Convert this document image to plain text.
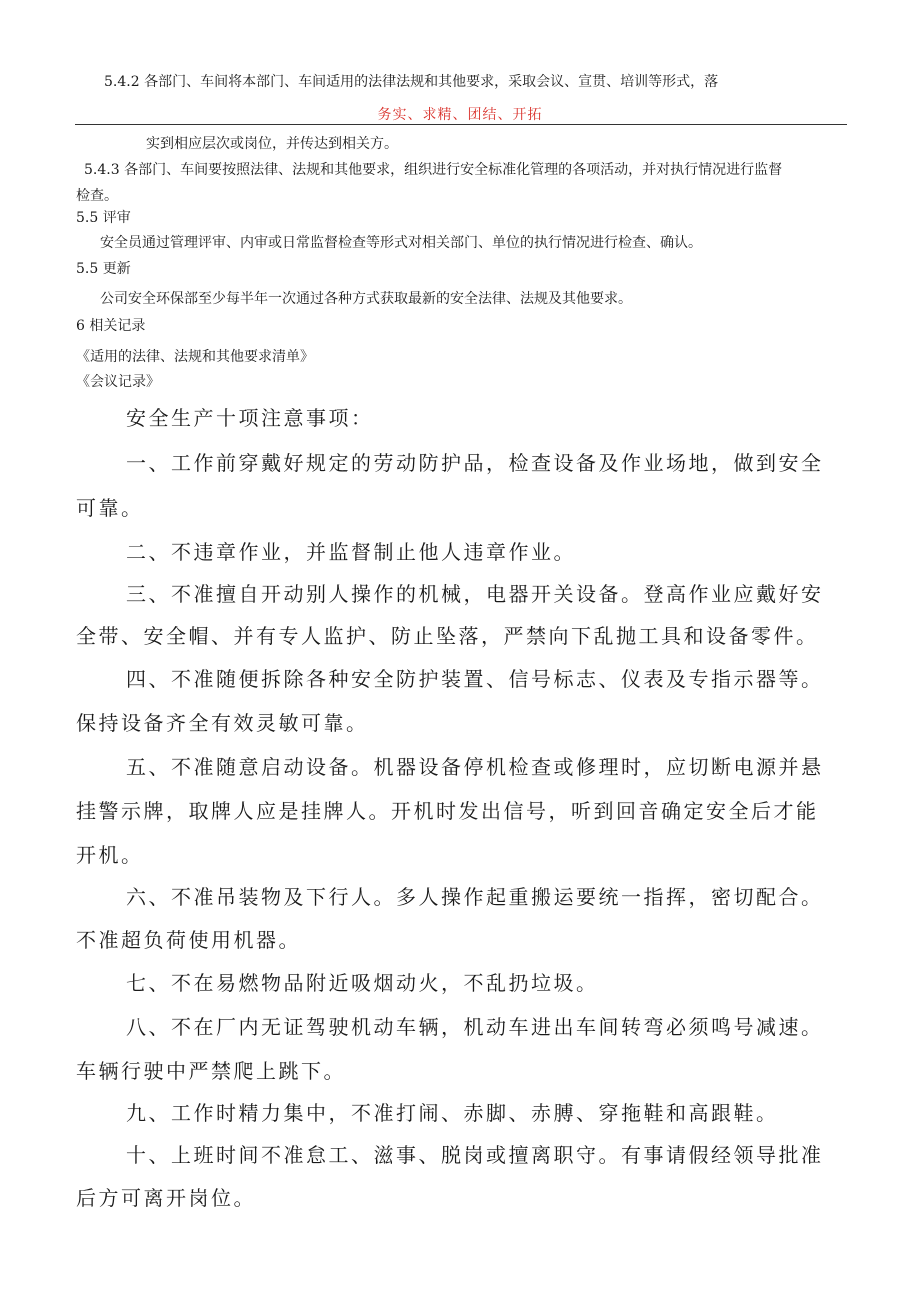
5.4.2 各部门、车间将本部门、车间适用的法律法规和其他要求，采取会议、宣贯、培训等形式，落
务实、求精、团结、开拓
实到相应层次或岗位，并传达到相关方。
5.4.3 各部门、车间要按照法律、法规和其他要求，组织进行安全标准化管理的各项活动，并对执行情况进行监督
检查。
5.5 评审
安全员通过管理评审、内审或日常监督检查等形式对相关部门、单位的执行情况进行检查、确认。
5.5 更新
公司安全环保部至少每半年一次通过各种方式获取最新的安全法律、法规及其他要求。
6 相关记录
《适用的法律、法规和其他要求清单》
《会议记录》
安全生产十项注意事项：
一、工作前穿戴好规定的劳动防护品，检查设备及作业场地，做到安全
可靠。
二、不违章作业，并监督制止他人违章作业。
三、不准擅自开动别人操作的机械，电器开关设备。登高作业应戴好安
全带、安全帽、并有专人监护、防止坠落，严禁向下乱抛工具和设备零件。
四、不准随便拆除各种安全防护装置、信号标志、仪表及专指示器等。
保持设备齐全有效灵敏可靠。
五、不准随意启动设备。机器设备停机检查或修理时，应切断电源并悬
挂警示牌，取牌人应是挂牌人。开机时发出信号，听到回音确定安全后才能
开机。
六、不准吊装物及下行人。多人操作起重搬运要统一指挥，密切配合。
不准超负荷使用机器。
七、不在易燃物品附近吸烟动火，不乱扔垃圾。
八、不在厂内无证驾驶机动车辆，机动车进出车间转弯必须鸣号减速。
车辆行驶中严禁爬上跳下。
九、工作时精力集中，不准打闹、赤脚、赤膊、穿拖鞋和高跟鞋。
十、上班时间不准怠工、滋事、脱岗或擅离职守。有事请假经领导批准
后方可离开岗位。
